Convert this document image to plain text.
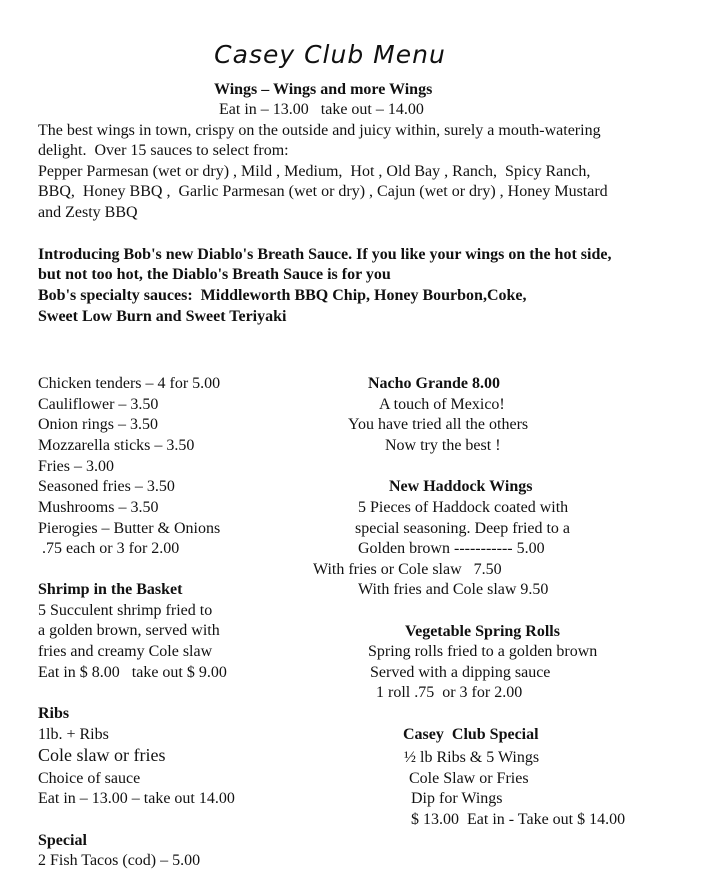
Casey Club Menu
Wings – Wings and more Wings
Eat in – 13.00   take out – 14.00
The best wings in town, crispy on the outside and juicy within, surely a mouth-watering
delight.  Over 15 sauces to select from:
Pepper Parmesan (wet or dry) , Mild , Medium,  Hot , Old Bay , Ranch,  Spicy Ranch,
BBQ,  Honey BBQ ,  Garlic Parmesan (wet or dry) , Cajun (wet or dry) , Honey Mustard
and Zesty BBQ
Introducing Bob's new Diablo's Breath Sauce. If you like your wings on the hot side,
but not too hot, the Diablo's Breath Sauce is for you
Bob's specialty sauces:  Middleworth BBQ Chip, Honey Bourbon,Coke,
Sweet Low Burn and Sweet Teriyaki
Chicken tenders – 4 for 5.00
Cauliflower – 3.50
Onion rings – 3.50
Mozzarella sticks – 3.50
Fries – 3.00
Seasoned fries – 3.50
Mushrooms – 3.50
Pierogies – Butter & Onions
.75 each or 3 for 2.00
Shrimp in the Basket
5 Succulent shrimp fried to
a golden brown, served with
fries and creamy Cole slaw
Eat in $ 8.00   take out $ 9.00
Ribs
1lb. + Ribs
Cole slaw or fries
Choice of sauce
Eat in – 13.00 – take out 14.00
Special
2 Fish Tacos (cod) – 5.00
Nacho Grande 8.00
A touch of Mexico!
You have tried all the others
Now try the best !
New Haddock Wings
5 Pieces of Haddock coated with
special seasoning. Deep fried to a
Golden brown ----------- 5.00
With fries or Cole slaw   7.50
With fries and Cole slaw 9.50
Vegetable Spring Rolls
Spring rolls fried to a golden brown
Served with a dipping sauce
1 roll .75  or 3 for 2.00
Casey  Club Special
½ lb Ribs & 5 Wings
Cole Slaw or Fries
Dip for Wings
$ 13.00  Eat in - Take out $ 14.00
